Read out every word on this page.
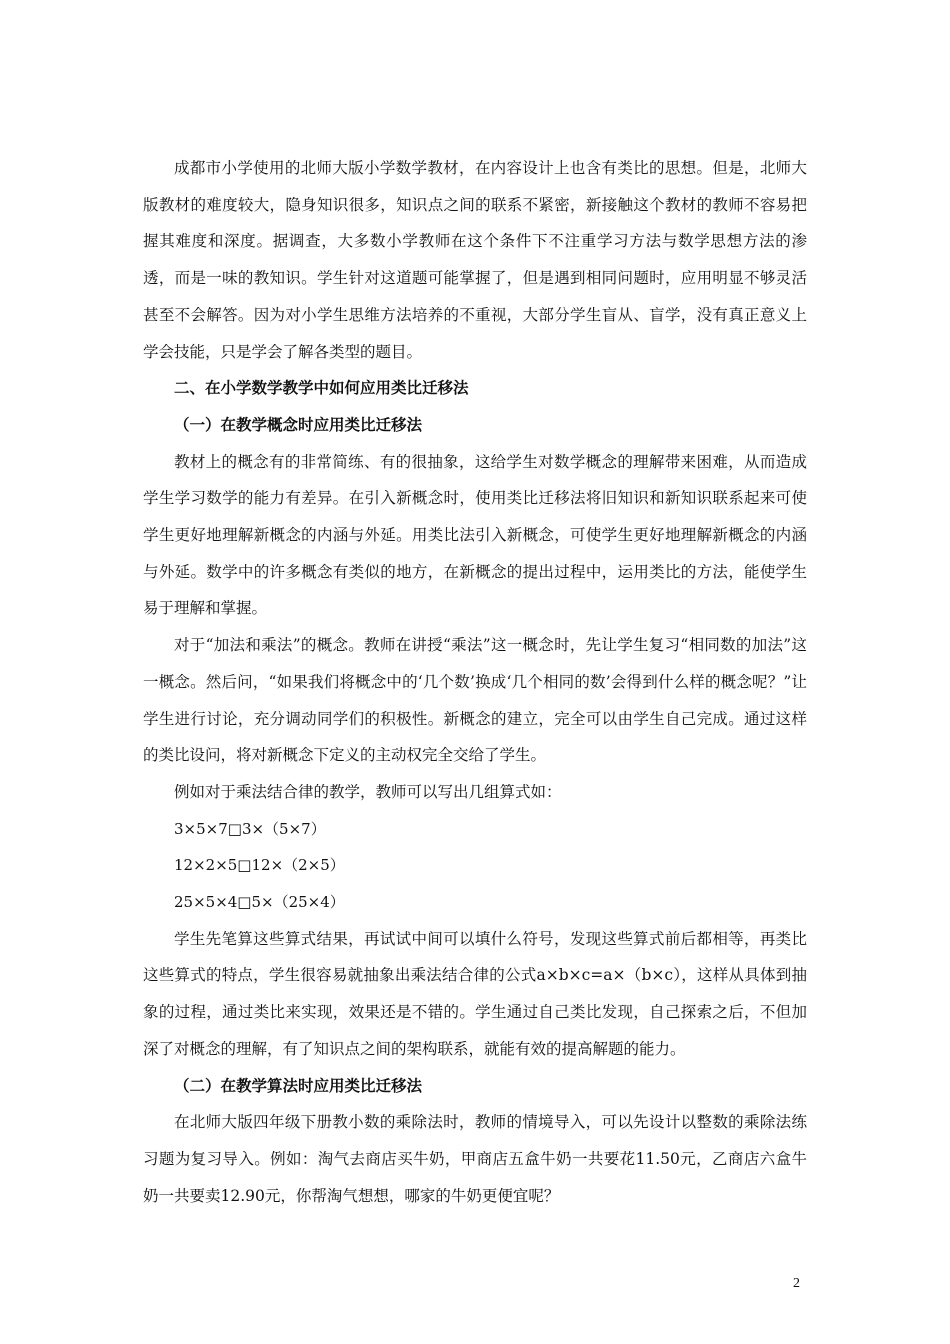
成都市小学使用的北师大版小学数学教材，在内容设计上也含有类比的思想。但是，北师大版教材的难度较大，隐身知识很多，知识点之间的联系不紧密，新接触这个教材的教师不容易把握其难度和深度。据调查，大多数小学教师在这个条件下不注重学习方法与数学思想方法的渗透，而是一味的教知识。学生针对这道题可能掌握了，但是遇到相同问题时，应用明显不够灵活甚至不会解答。因为对小学生思维方法培养的不重视，大部分学生盲从、盲学，没有真正意义上学会技能，只是学会了解各类型的题目。

二、在小学数学教学中如何应用类比迁移法

（一）在教学概念时应用类比迁移法

教材上的概念有的非常简练、有的很抽象，这给学生对数学概念的理解带来困难，从而造成学生学习数学的能力有差异。在引入新概念时，使用类比迁移法将旧知识和新知识联系起来可使学生更好地理解新概念的内涵与外延。用类比法引入新概念，可使学生更好地理解新概念的内涵与外延。数学中的许多概念有类似的地方，在新概念的提出过程中，运用类比的方法，能使学生易于理解和掌握。

对于“加法和乘法”的概念。教师在讲授“乘法”这一概念时，先让学生复习“相同数的加法”这一概念。然后问，“如果我们将概念中的‘几个数’换成‘几个相同的数’会得到什么样的概念呢？”让学生进行讨论，充分调动同学们的积极性。新概念的建立，完全可以由学生自己完成。通过这样的类比设问，将对新概念下定义的主动权完全交给了学生。

例如对于乘法结合律的教学，教师可以写出几组算式如：

3×5×7□3×（5×7）

12×2×5□12×（2×5）

25×5×4□5×（25×4）

学生先笔算这些算式结果，再试试中间可以填什么符号，发现这些算式前后都相等，再类比这些算式的特点，学生很容易就抽象出乘法结合律的公式a×b×c=a×（b×c），这样从具体到抽象的过程，通过类比来实现，效果还是不错的。学生通过自己类比发现，自己探索之后，不但加深了对概念的理解，有了知识点之间的架构联系，就能有效的提高解题的能力。

（二）在教学算法时应用类比迁移法

在北师大版四年级下册教小数的乘除法时，教师的情境导入，可以先设计以整数的乘除法练习题为复习导入。例如：淘气去商店买牛奶，甲商店五盒牛奶一共要花11.50元，乙商店六盒牛奶一共要卖12.90元，你帮淘气想想，哪家的牛奶更便宜呢？

2
